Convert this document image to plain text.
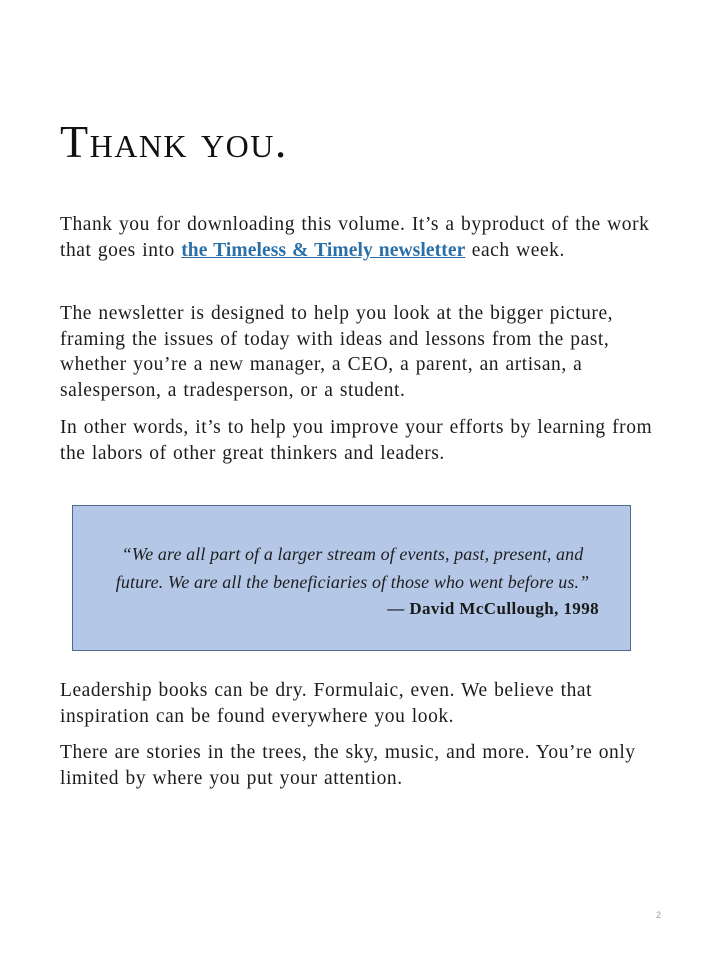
Thank you.

Thank you for downloading this volume. It’s a byproduct of the work that goes into the Timeless & Timely newsletter each week.

The newsletter is designed to help you look at the bigger picture, framing the issues of today with ideas and lessons from the past, whether you’re a new manager, a CEO, a parent, an artisan, a salesperson, a tradesperson, or a student.

In other words, it’s to help you improve your efforts by learning from the labors of other great thinkers and leaders.

“We are all part of a larger stream of events, past, present, and
future. We are all the beneficiaries of those who went before us.”

— David McCullough, 1998

Leadership books can be dry. Formulaic, even. We believe that inspiration can be found everywhere you look.

There are stories in the trees, the sky, music, and more. You’re only limited by where you put your attention.

2
